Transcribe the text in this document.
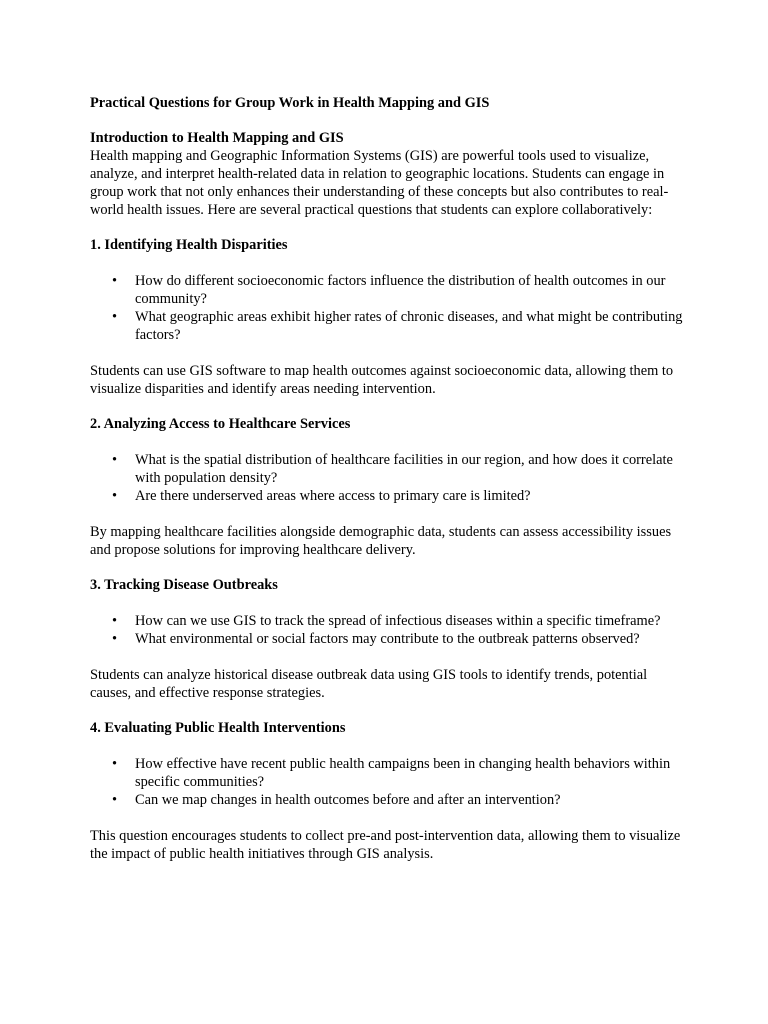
Practical Questions for Group Work in Health Mapping and GIS

Introduction to Health Mapping and GIS

Health mapping and Geographic Information Systems (GIS) are powerful tools used to visualize, analyze, and interpret health-related data in relation to geographic locations. Students can engage in group work that not only enhances their understanding of these concepts but also contributes to real-world health issues. Here are several practical questions that students can explore collaboratively:

1. Identifying Health Disparities

• How do different socioeconomic factors influence the distribution of health outcomes in our community?
• What geographic areas exhibit higher rates of chronic diseases, and what might be contributing factors?

Students can use GIS software to map health outcomes against socioeconomic data, allowing them to visualize disparities and identify areas needing intervention.

2. Analyzing Access to Healthcare Services

• What is the spatial distribution of healthcare facilities in our region, and how does it correlate with population density?
• Are there underserved areas where access to primary care is limited?

By mapping healthcare facilities alongside demographic data, students can assess accessibility issues and propose solutions for improving healthcare delivery.

3. Tracking Disease Outbreaks

• How can we use GIS to track the spread of infectious diseases within a specific timeframe?
• What environmental or social factors may contribute to the outbreak patterns observed?

Students can analyze historical disease outbreak data using GIS tools to identify trends, potential causes, and effective response strategies.

4. Evaluating Public Health Interventions

• How effective have recent public health campaigns been in changing health behaviors within specific communities?
• Can we map changes in health outcomes before and after an intervention?

This question encourages students to collect pre-and post-intervention data, allowing them to visualize the impact of public health initiatives through GIS analysis.
